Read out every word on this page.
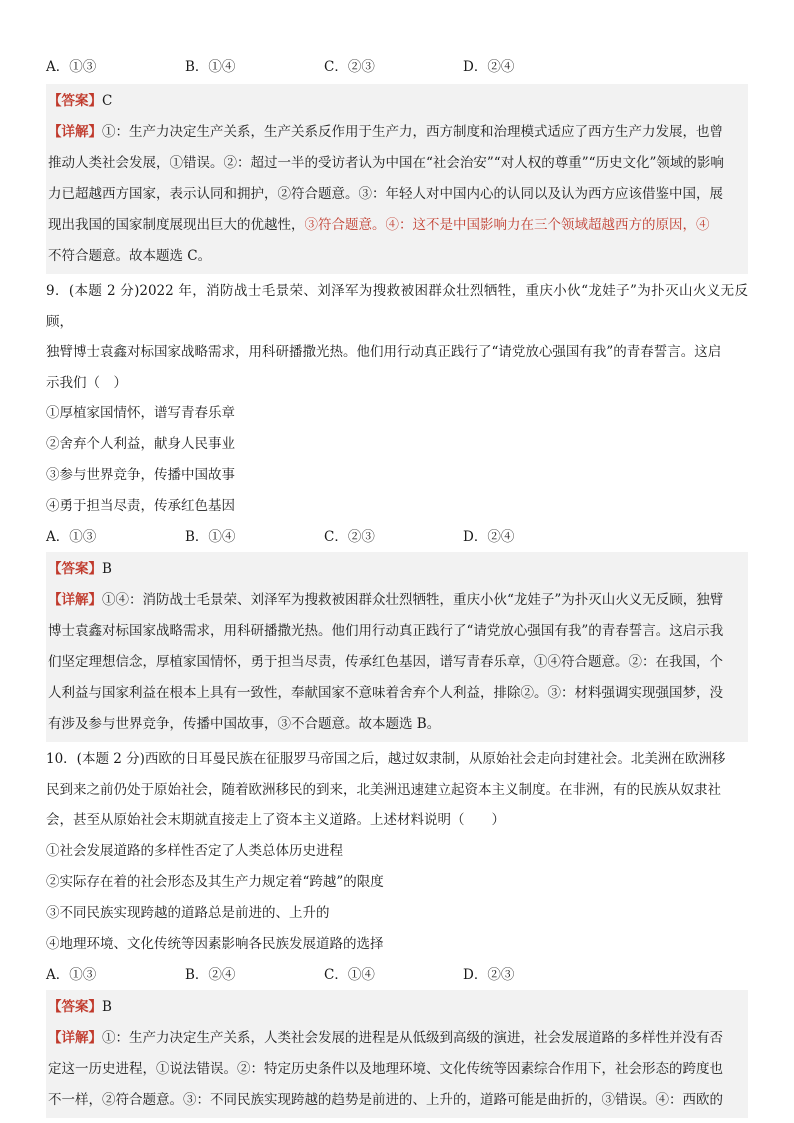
A．①③	B．①④	C．②③	D．②④

【答案】C

【详解】①：生产力决定生产关系，生产关系反作用于生产力，西方制度和治理模式适应了西方生产力发展，也曾

推动人类社会发展，①错误。②：超过一半的受访者认为中国在“社会治安”“对人权的尊重”“历史文化”领域的影响

力已超越西方国家，表示认同和拥护，②符合题意。③：年轻人对中国内心的认同以及认为西方应该借鉴中国，展

现出我国的国家制度展现出巨大的优越性，③符合题意。④：这不是中国影响力在三个领域超越西方的原因，④

不符合题意。故本题选 C。

9．(本题 2 分)2022 年，消防战士毛景荣、刘泽军为搜救被困群众壮烈牺牲，重庆小伙“龙娃子”为扑灭山火义无反顾，

独臂博士袁鑫对标国家战略需求，用科研播撒光热。他们用行动真正践行了“请党放心强国有我”的青春誓言。这启

示我们（　）

①厚植家国情怀，谱写青春乐章

②舍弃个人利益，献身人民事业

③参与世界竞争，传播中国故事

④勇于担当尽责，传承红色基因

A．①③	B．①④	C．②③	D．②④

【答案】B

【详解】①④：消防战士毛景荣、刘泽军为搜救被困群众壮烈牺牲，重庆小伙“龙娃子”为扑灭山火义无反顾，独臂

博士袁鑫对标国家战略需求，用科研播撒光热。他们用行动真正践行了“请党放心强国有我”的青春誓言。这启示我

们坚定理想信念，厚植家国情怀，勇于担当尽责，传承红色基因，谱写青春乐章，①④符合题意。②：在我国，个

人利益与国家利益在根本上具有一致性，奉献国家不意味着舍弃个人利益，排除②。③：材料强调实现强国梦，没

有涉及参与世界竞争，传播中国故事，③不合题意。故本题选 B。

10．(本题 2 分)西欧的日耳曼民族在征服罗马帝国之后，越过奴隶制，从原始社会走向封建社会。北美洲在欧洲移

民到来之前仍处于原始社会，随着欧洲移民的到来，北美洲迅速建立起资本主义制度。在非洲，有的民族从奴隶社

会，甚至从原始社会末期就直接走上了资本主义道路。上述材料说明（　　）

①社会发展道路的多样性否定了人类总体历史进程

②实际存在着的社会形态及其生产力规定着“跨越”的限度

③不同民族实现跨越的道路总是前进的、上升的

④地理环境、文化传统等因素影响各民族发展道路的选择

A．①③	B．②④	C．①④	D．②③

【答案】B

【详解】①：生产力决定生产关系，人类社会发展的进程是从低级到高级的演进，社会发展道路的多样性并没有否

定这一历史进程，①说法错误。②：特定历史条件以及地理环境、文化传统等因素综合作用下，社会形态的跨度也

不一样，②符合题意。③：不同民族实现跨越的趋势是前进的、上升的，道路可能是曲折的，③错误。④：西欧的
